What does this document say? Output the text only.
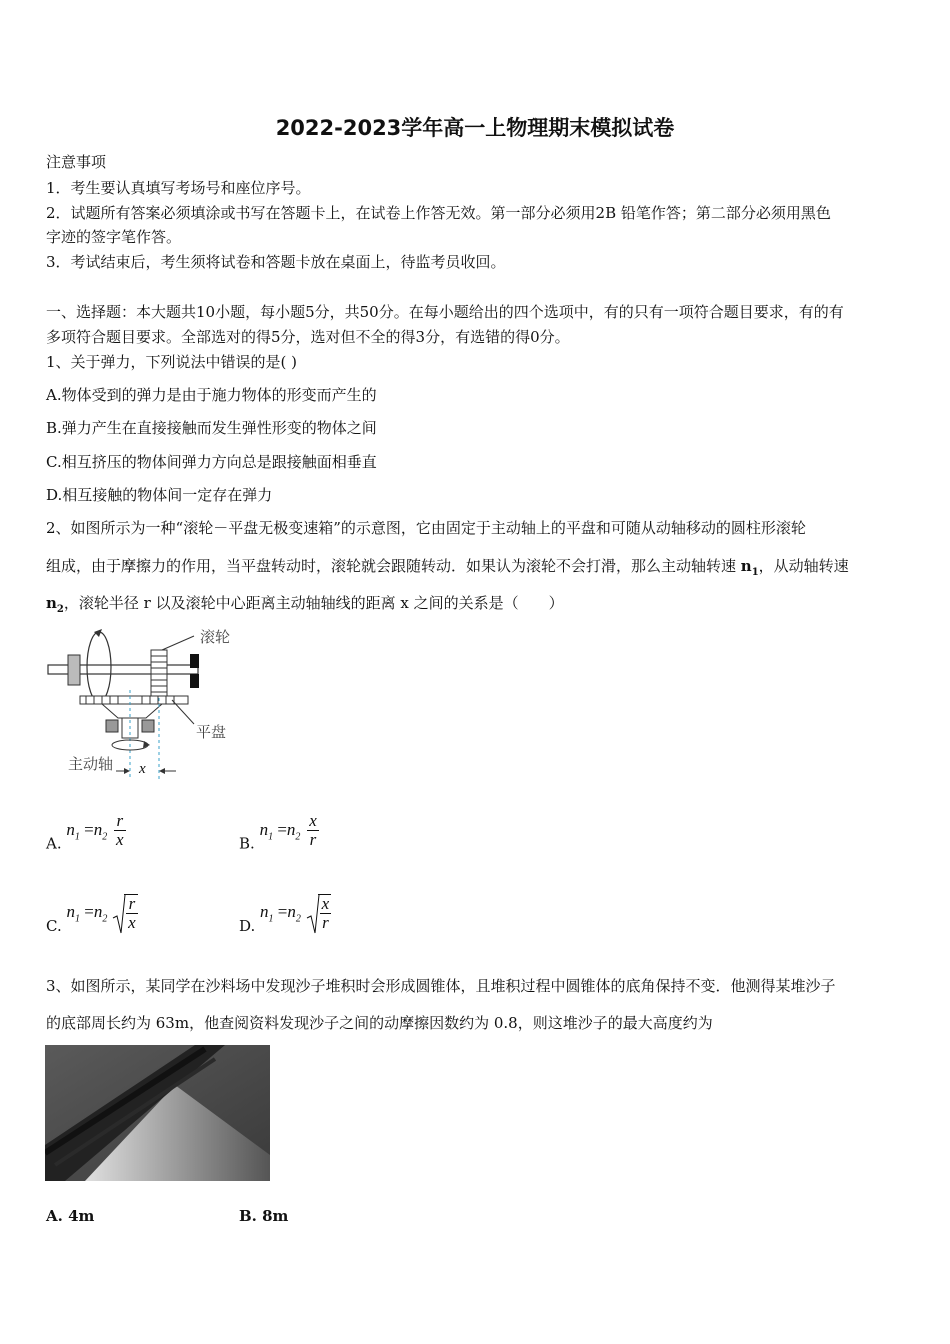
2022-2023学年高一上物理期末模拟试卷
注意事项
1．考生要认真填写考场号和座位序号。
2．试题所有答案必须填涂或书写在答题卡上，在试卷上作答无效。第一部分必须用2B 铅笔作答；第二部分必须用黑色
字迹的签字笔作答。
3．考试结束后，考生须将试卷和答题卡放在桌面上，待监考员收回。
一、选择题：本大题共10小题，每小题5分，共50分。在每小题给出的四个选项中，有的只有一项符合题目要求，有的有
多项符合题目要求。全部选对的得5分，选对但不全的得3分，有选错的得0分。
1、关于弹力，下列说法中错误的是( )
A.物体受到的弹力是由于施力物体的形变而产生的
B.弹力产生在直接接触而发生弹性形变的物体之间
C.相互挤压的物体间弹力方向总是跟接触面相垂直
D.相互接触的物体间一定存在弹力
2、如图所示为一种“滚轮－平盘无极变速箱”的示意图，它由固定于主动轴上的平盘和可随从动轴移动的圆柱形滚轮
组成，由于摩擦力的作用，当平盘转动时，滚轮就会跟随转动．如果认为滚轮不会打滑，那么主动轴转速 $n_1$，从动轴转速
$n_2$，滚轮半径 r 以及滚轮中心距离主动轴轴线的距离 x 之间的关系是（　　）
滚轮
平盘
主动轴 x
A. $n_1 =n_2 \frac{r}{x}$	B. $n_1 =n_2 \frac{x}{r}$
C. $n_1 =n_2 \frac{r}{x}$	D. $n_1 =n_2 \frac{x}{r}$
3、如图所示，某同学在沙料场中发现沙子堆积时会形成圆锥体，且堆积过程中圆锥体的底角保持不变．他测得某堆沙子
的底部周长约为 63m，他查阅资料发现沙子之间的动摩擦因数约为 0.8，则这堆沙子的最大高度约为
A. 4m	B. 8m
